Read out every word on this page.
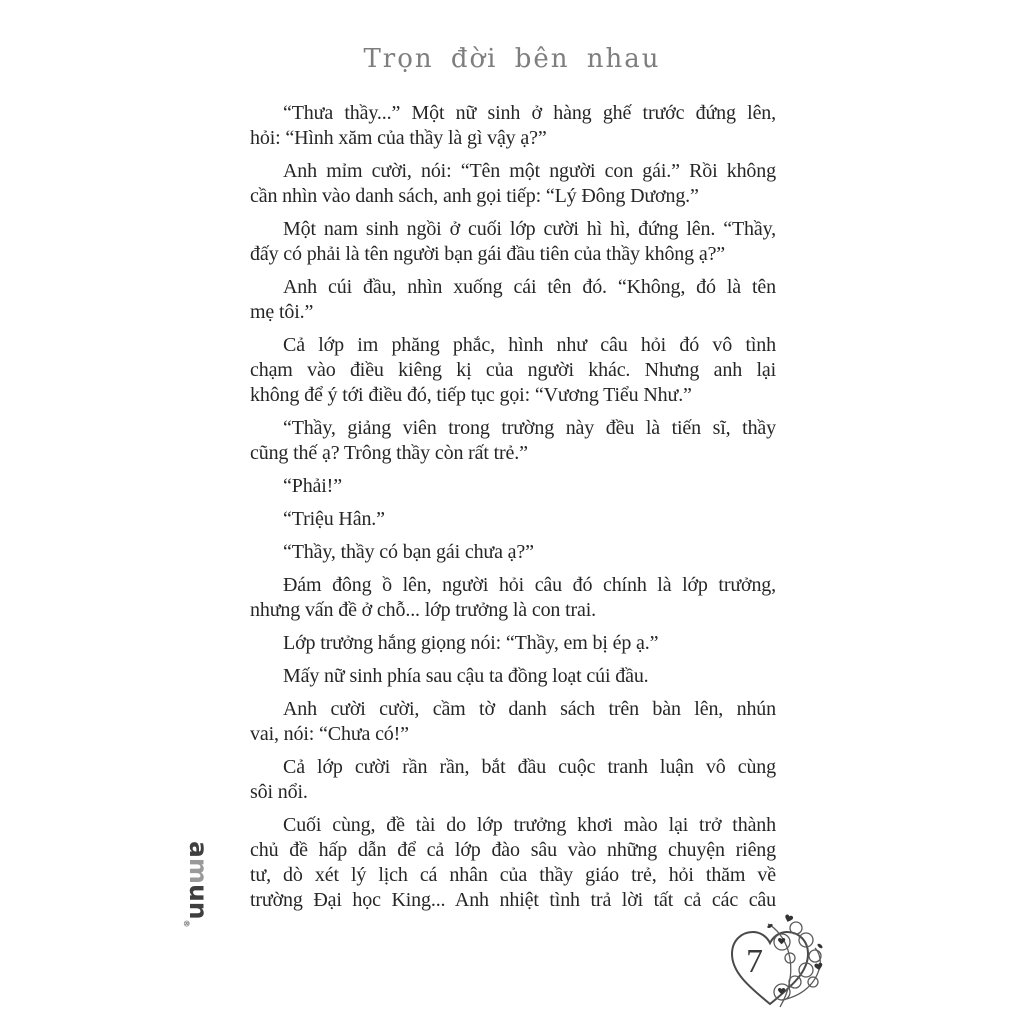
Trọn đời bên nhau
“Thưa thầy...” Một nữ sinh ở hàng ghế trước đứng lên,
hỏi: “Hình xăm của thầy là gì vậy ạ?”
Anh mỉm cười, nói: “Tên một người con gái.” Rồi không
cần nhìn vào danh sách, anh gọi tiếp: “Lý Đông Dương.”
Một nam sinh ngồi ở cuối lớp cười hì hì, đứng lên. “Thầy,
đấy có phải là tên người bạn gái đầu tiên của thầy không ạ?”
Anh cúi đầu, nhìn xuống cái tên đó. “Không, đó là tên
mẹ tôi.”
Cả lớp im phăng phắc, hình như câu hỏi đó vô tình
chạm vào điều kiêng kị của người khác. Nhưng anh lại
không để ý tới điều đó, tiếp tục gọi: “Vương Tiểu Như.”
“Thầy, giảng viên trong trường này đều là tiến sĩ, thầy
cũng thế ạ? Trông thầy còn rất trẻ.”
“Phải!”
“Triệu Hân.”
“Thầy, thầy có bạn gái chưa ạ?”
Đám đông ồ lên, người hỏi câu đó chính là lớp trưởng,
nhưng vấn đề ở chỗ... lớp trưởng là con trai.
Lớp trưởng hắng giọng nói: “Thầy, em bị ép ạ.”
Mấy nữ sinh phía sau cậu ta đồng loạt cúi đầu.
Anh cười cười, cầm tờ danh sách trên bàn lên, nhún
vai, nói: “Chưa có!”
Cả lớp cười rần rần, bắt đầu cuộc tranh luận vô cùng
sôi nổi.
Cuối cùng, đề tài do lớp trưởng khơi mào lại trở thành
chủ đề hấp dẫn để cả lớp đào sâu vào những chuyện riêng
tư, dò xét lý lịch cá nhân của thầy giáo trẻ, hỏi thăm về
trường Đại học King... Anh nhiệt tình trả lời tất cả các câu
amun$_®$
7
